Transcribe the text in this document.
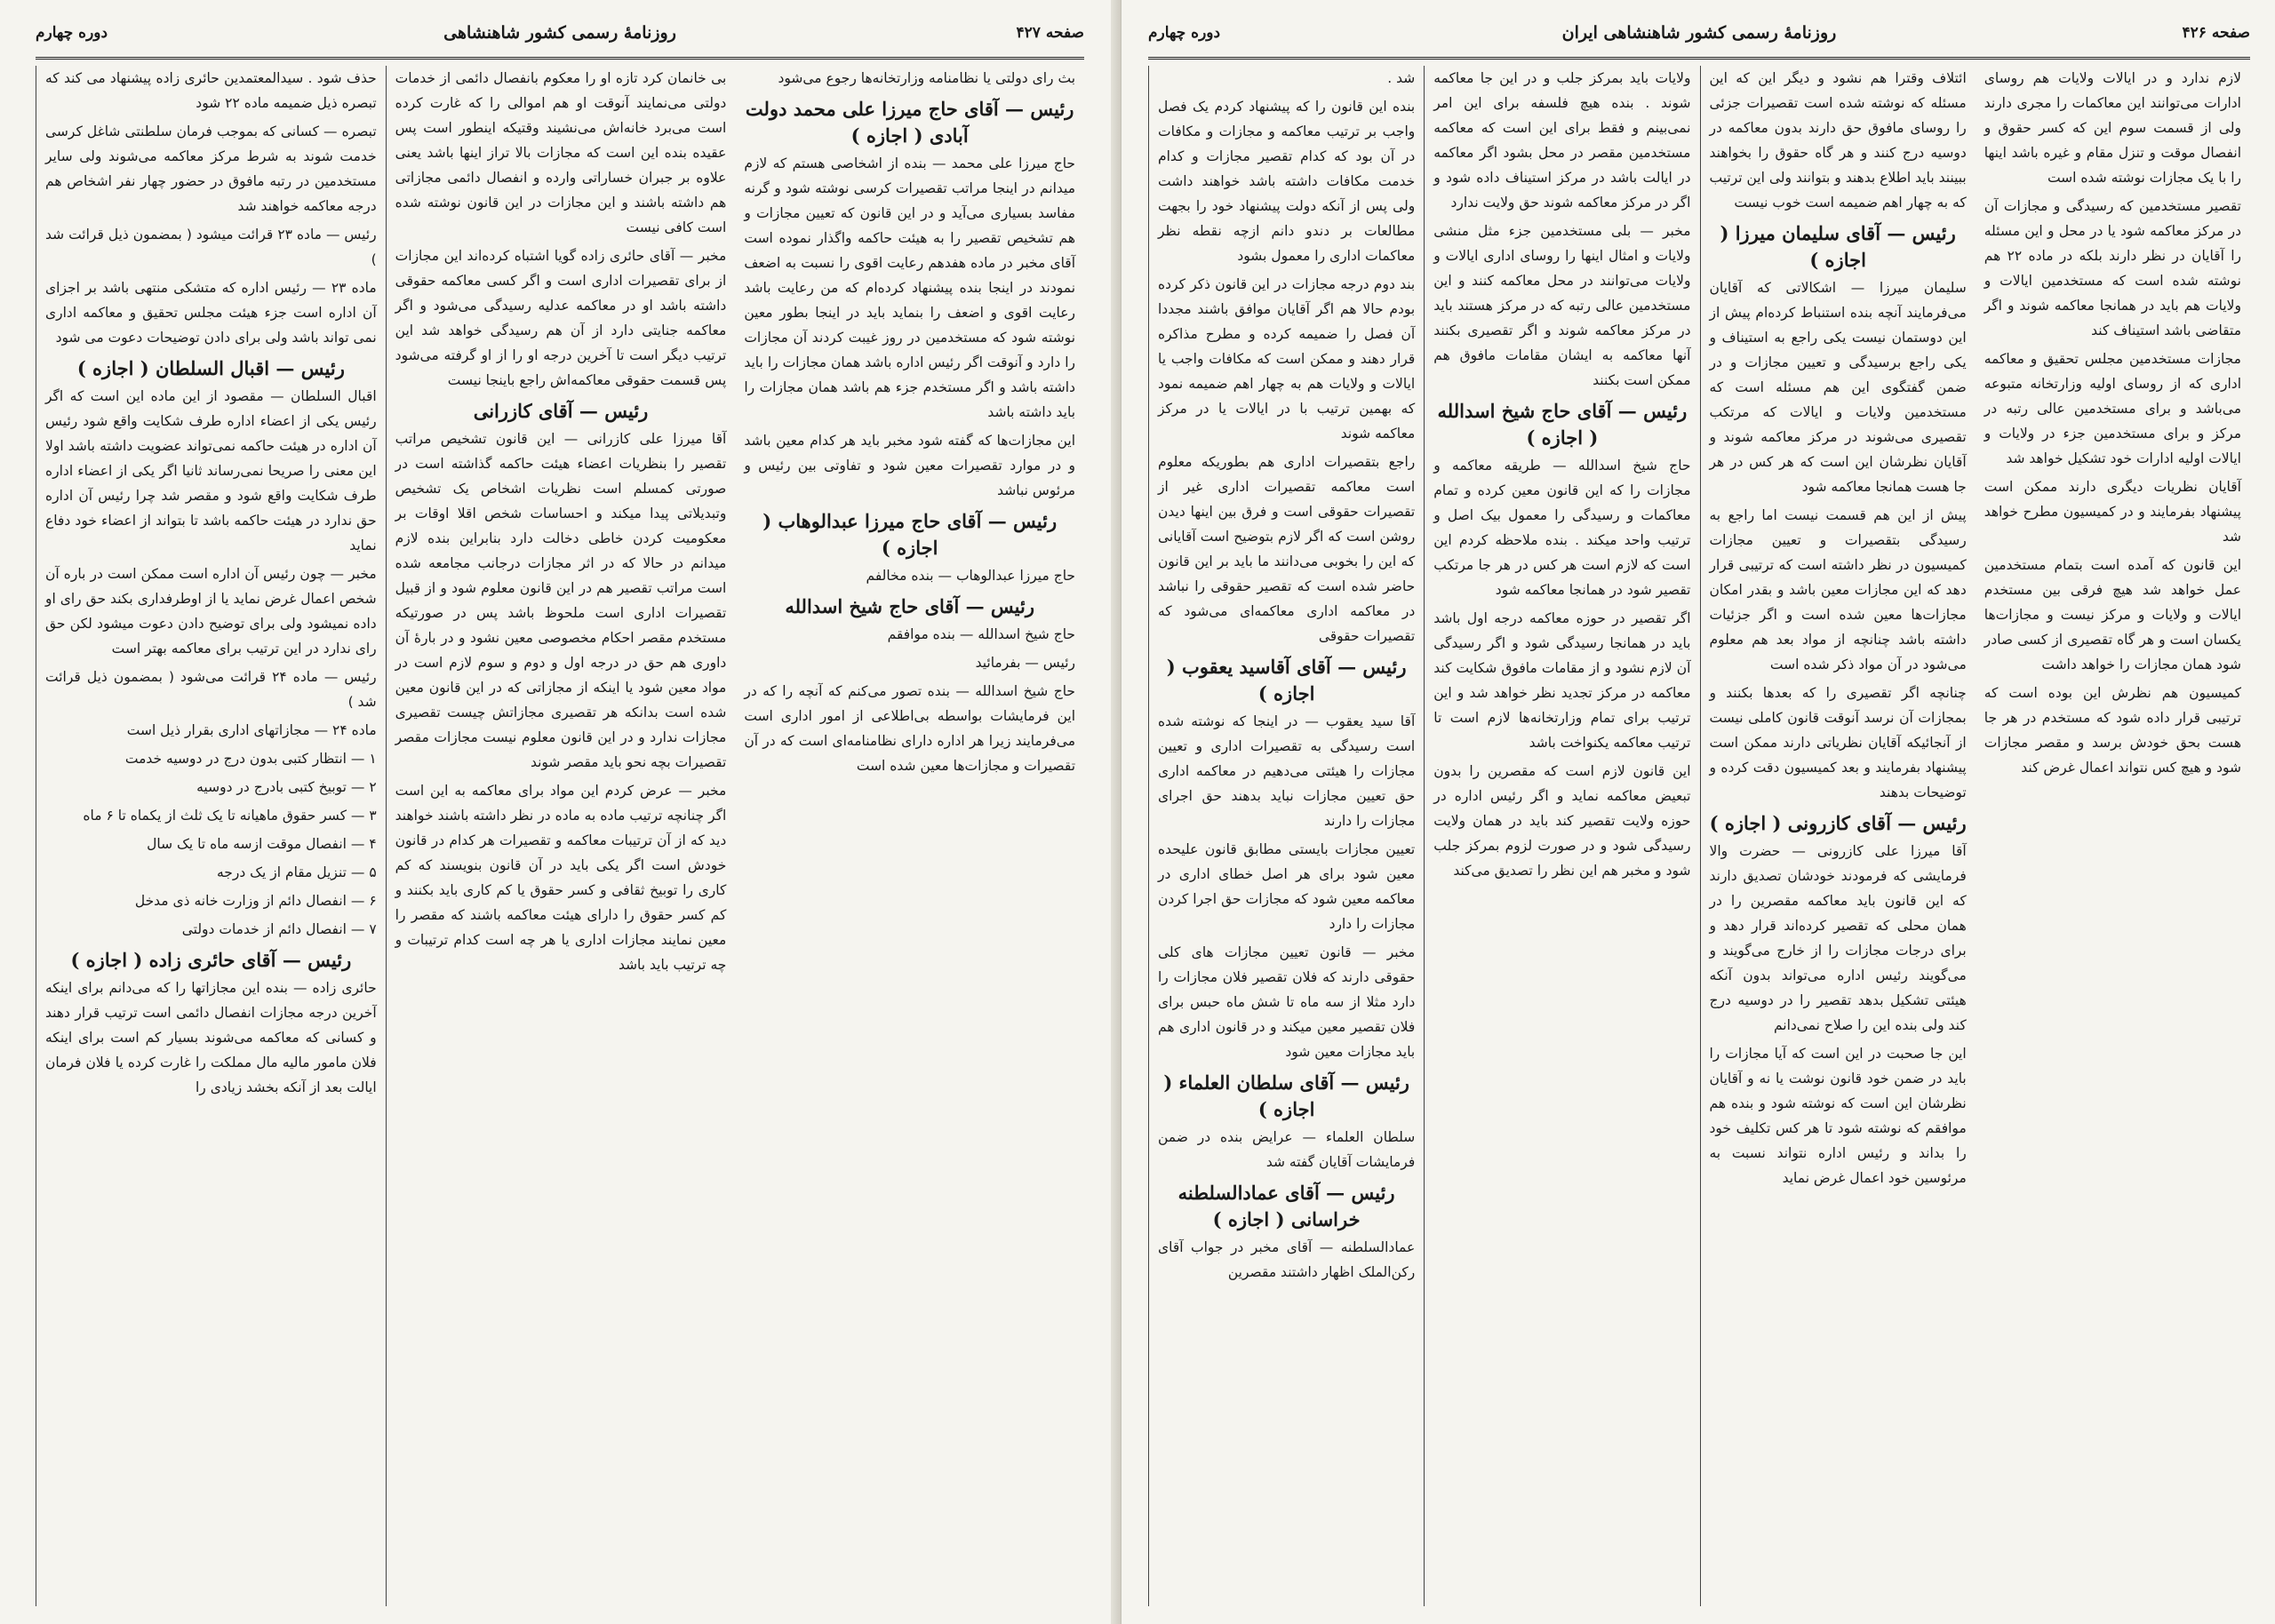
دوره چهارم	روزنامهٔ رسمی کشور شاهنشاهی	صفحه ۴۲۷

حذف شود . سیدالمعتمدین حائری زاده پیشنهاد می کند که تبصره ذیل ضمیمه ماده ۲۲ شود

تبصره — کسانی که بموجب فرمان سلطنتی شاغل کرسی خدمت شوند به شرط مرکز معاکمه می‌شوند ولی سایر مستخدمین در رتبه مافوق در حضور چهار نفر اشخاص هم درجه معاکمه خواهند شد

رئیس — ماده ۲۳ قرائت میشود ( بمضمون ذیل قرائت شد )

ماده ۲۳ — رئیس اداره که متشکی منتهی باشد بر اجزای آن اداره است جزء هیئت مجلس تحقیق و معاکمه اداری نمی تواند باشد ولی برای دادن توضیحات دعوت می شود

رئیس — اقبال السلطان ( اجازه )

اقبال السلطان — مقصود از این ماده این است که اگر رئیس یکی از اعضاء اداره طرف شکایت واقع شود رئیس آن اداره در هیئت حاکمه نمی‌تواند عضویت داشته باشد اولا این معنی را صریحا نمی‌رساند ثانیا اگر یکی از اعضاء اداره طرف شکایت واقع شود و مقصر شد چرا رئیس آن اداره حق ندارد در هیئت حاکمه باشد تا بتواند از اعضاء خود دفاع نماید

مخبر — چون رئیس آن اداره است ممکن است در باره آن شخص اعمال غرض نماید یا از اوطرفداری بکند حق رای او داده نمیشود ولی برای توضیح دادن دعوت میشود لکن حق رای ندارد در این ترتیب برای معاکمه بهتر است

رئیس — ماده ۲۴ قرائت می‌شود ( بمضمون ذیل قرائت شد )

ماده ۲۴ — مجازاتهای اداری بقرار ذیل است

۱ — انتظار کتبی بدون درج در دوسیه خدمت

۲ — توبیخ کتبی بادرج در دوسیه

۳ — کسر حقوق ماهیانه تا یک ثلث از یکماه تا ۶ ماه

۴ — انفصال موقت ازسه ماه تا یک سال

۵ — تنزیل مقام از یک درجه

۶ — انفصال دائم از وزارت خانه ذی مدخل

۷ — انفصال دائم از خدمات دولتی

رئیس — آقای حائری زاده ( اجازه )

حائری زاده — بنده این مجازاتها را که می‌دانم برای اینکه آخرین درجه مجازات انفصال دائمی است ترتیب قرار دهند و کسانی که معاکمه می‌شوند بسیار کم است برای اینکه فلان مامور مالیه مال مملکت را غارت کرده یا فلان فرمان ایالت بعد از آنکه بخشد زیادی را

بی خانمان کرد تازه او را معکوم بانفصال دائمی از خدمات دولتی می‌نمایند آنوقت او هم اموالی را که غارت کرده است می‌برد خانه‌اش می‌نشیند وقتیکه اینطور است پس عقیده بنده این است که مجازات بالا تراز اینها باشد یعنی علاوه بر جبران خساراتی وارده و انفصال دائمی مجازاتی هم داشته باشند و این مجازات در این قانون نوشته شده است کافی نیست

مخبر — آقای حائری زاده گویا اشتباه کرده‌اند این مجازات از برای تقصیرات اداری است و اگر کسی معاکمه حقوقی داشته باشد او در معاکمه عدلیه رسیدگی می‌شود و اگر معاکمه جنایتی دارد از آن هم رسیدگی خواهد شد این ترتیب دیگر است تا آخرین درجه او را از او گرفته می‌شود پس قسمت حقوقی معاکمه‌اش راجع باینجا نیست

رئیس — آقای کازرانی

آقا میرزا علی کازرانی — این قانون تشخیص مراتب تقصیر را بنظریات اعضاء هیئت حاکمه گذاشته است در صورتی کمسلم است نظریات اشخاص یک تشخیص وتبدیلاتی پیدا میکند و احساسات شخص اقلا اوقات بر معکومیت کردن خاطی دخالت دارد بنابراین بنده لازم میدانم در حالا که در اثر مجازات درجانب مجامعه شده است مراتب تقصیر هم در این قانون معلوم شود و از قبیل تقصیرات اداری است ملحوظ باشد پس در صورتیکه مستخدم مقصر احکام مخصوصی معین نشود و در بارهٔ آن داوری هم حق در درجه اول و دوم و سوم لازم است در مواد معین شود یا اینکه از مجازاتی که در این قانون معین شده است بدانکه هر تقصیری مجازاتش چیست تقصیری مجازات ندارد و در این قانون معلوم نیست مجازات مقصر تقصیرات بچه نحو باید مقصر شوند

مخبر — عرض کردم این مواد برای معاکمه به این است اگر چنانچه ترتیب ماده به ماده در نظر داشته باشند خواهند دید که از آن ترتیبات معاکمه و تقصیرات هر کدام در قانون خودش است اگر یکی باید در آن قانون بنویسند که کم کاری را توبیخ ثقافی و کسر حقوق یا کم کاری باید بکنند و کم کسر حقوق را دارای هیئت معاکمه باشند که مقصر را معین نمایند مجازات اداری یا هر چه است کدام ترتیبات و چه ترتیب باید باشد

بث رای دولتی یا نظامنامه وزارتخانه‌ها رجوع می‌شود

رئیس — آقای حاج میرزا علی محمد دولت آبادی ( اجازه )

حاج میرزا علی محمد — بنده از اشخاصی هستم که لازم میدانم در اینجا مراتب تقصیرات کرسی نوشته شود و گرنه مفاسد بسیاری می‌آید و در این قانون که تعیین مجازات و هم تشخیص تقصیر را به هیئت حاکمه واگذار نموده است آقای مخبر در ماده هفدهم رعایت اقوی را نسبت به اضعف نمودند در اینجا بنده پیشنهاد کرده‌ام که من رعایت باشد رعایت اقوی و اضعف را بنماید باید در اینجا بطور معین نوشته شود که مستخدمین در روز غیبت کردند آن مجازات را دارد و آنوقت اگر رئیس اداره باشد همان مجازات را باید داشته باشد و اگر مستخدم جزء هم باشد همان مجازات را باید داشته باشد

این مجازات‌ها که گفته شود مخبر باید هر کدام معین باشد و در موارد تقصیرات معین شود و تفاوتی بین رئیس و مرئوس نباشد

رئیس — آقای حاج میرزا عبدالوهاب ( اجازه )

حاج میرزا عبدالوهاب — بنده مخالفم

رئیس — آقای حاج شیخ اسدالله

حاج شیخ اسدالله — بنده موافقم

رئیس — بفرمائید

حاج شیخ اسدالله — بنده تصور می‌کنم که آنچه را که در این فرمایشات بواسطه بی‌اطلاعی از امور اداری است می‌فرمایند زیرا هر اداره دارای نظامنامه‌ای است که در آن تقصیرات و مجازات‌ها معین شده است

دوره چهارم	روزنامهٔ رسمی کشور شاهنشاهی ایران	صفحه ۴۲۶

شد .

بنده این قانون را که پیشنهاد کردم یک فصل واجب بر ترتیب معاکمه و مجازات و مکافات در آن بود که کدام تقصیر مجازات و کدام خدمت مکافات داشته باشد خواهند داشت ولی پس از آنکه دولت پیشنهاد خود را بجهت مطالعات بر دندو دانم ازچه نقطه نظر معاکمات اداری را معمول بشود

بند دوم درجه مجازات در این قانون ذکر کرده بودم حالا هم اگر آقایان موافق باشند مجددا آن فصل را ضمیمه کرده و مطرح مذاکره قرار دهند و ممکن است که مکافات واجب یا ایالات و ولایات هم به چهار اهم ضمیمه نمود که بهمین ترتیب با در ایالات یا در مرکز معاکمه شوند

راجع بتقصیرات اداری هم بطوریکه معلوم است معاکمه تقصیرات اداری غیر از تقصیرات حقوقی است و فرق بین اینها دیدن روشن است که اگر لازم بتوضیح است آقایانی که این را بخوبی می‌دانند ما باید بر این قانون حاضر شده است که تقصیر حقوقی را نباشد در معاکمه اداری معاکمه‌ای می‌شود که تقصیرات حقوقی

رئیس — آقای آقاسید یعقوب ( اجازه )

آقا سید یعقوب — در اینجا که نوشته شده است رسیدگی به تقصیرات اداری و تعیین مجازات را هیئتی می‌دهیم در معاکمه اداری حق تعیین مجازات نباید بدهند حق اجرای مجازات را دارند

تعیین مجازات بایستی مطابق قانون علیحده معین شود برای هر اصل خطای اداری در معاکمه معین شود که مجازات حق اجرا کردن مجازات را دارد

مخبر — قانون تعیین مجازات های کلی حقوقی دارند که فلان تقصیر فلان مجازات را دارد مثلا از سه ماه تا شش ماه حبس برای فلان تقصیر معین میکند و در قانون اداری هم باید مجازات معین شود

رئیس — آقای سلطان العلماء ( اجازه )

سلطان العلماء — عرایض بنده در ضمن فرمایشات آقایان گفته شد

رئیس — آقای عمادالسلطنه خراسانی ( اجازه )

عمادالسلطنه — آقای مخبر در جواب آقای رکن‌الملک اظهار داشتند مقصرین

ولایات باید بمرکز جلب و در این جا معاکمه شوند . بنده هیچ فلسفه برای این امر نمی‌بینم و فقط برای این است که معاکمه مستخدمین مقصر در محل بشود اگر معاکمه در ایالت باشد در مرکز استیناف داده شود و اگر در مرکز معاکمه شوند حق ولایت ندارد

مخبر — بلی مستخدمین جزء مثل منشی ولایات و امثال اینها را روسای اداری ایالات و ولایات می‌توانند در محل معاکمه کنند و این مستخدمین عالی رتبه که در مرکز هستند باید در مرکز معاکمه شوند و اگر تقصیری بکنند آنها معاکمه به ایشان مقامات مافوق هم ممکن است بکنند

رئیس — آقای حاج شیخ اسدالله ( اجازه )

حاج شیخ اسدالله — طریقه معاکمه و مجازات را که این قانون معین کرده و تمام معاکمات و رسیدگی را معمول بیک اصل و ترتیب واحد میکند . بنده ملاحظه کردم این است که لازم است هر کس در هر جا مرتکب تقصیر شود در همانجا معاکمه شود

اگر تقصیر در حوزه معاکمه درجه اول باشد باید در همانجا رسیدگی شود و اگر رسیدگی آن لازم نشود و از مقامات مافوق شکایت کند معاکمه در مرکز تجدید نظر خواهد شد و این ترتیب برای تمام وزارتخانه‌ها لازم است تا ترتیب معاکمه یکنواخت باشد

این قانون لازم است که مقصرین را بدون تبعیض معاکمه نماید و اگر رئیس اداره در حوزه ولایت تقصیر کند باید در همان ولایت رسیدگی شود و در صورت لزوم بمرکز جلب شود و مخبر هم این نظر را تصدیق می‌کند

ائتلاف وقترا هم نشود و دیگر این که این مسئله که نوشته شده است تقصیرات جزئی را روسای مافوق حق دارند بدون معاکمه در دوسیه درج کنند و هر گاه حقوق را بخواهند ببینند باید اطلاع بدهند و بتوانند ولی این ترتیب که به چهار اهم ضمیمه است خوب نیست

رئیس — آقای سلیمان میرزا ( اجازه )

سلیمان میرزا — اشکالاتی که آقایان می‌فرمایند آنچه بنده استنباط کرده‌ام پیش از این دوستمان نیست یکی راجع به استیناف و یکی راجع برسیدگی و تعیین مجازات و در ضمن گفتگوی این هم مسئله است که مستخدمین ولایات و ایالات که مرتکب تقصیری می‌شوند در مرکز معاکمه شوند و آقایان نظرشان این است که هر کس در هر جا هست همانجا معاکمه شود

پیش از این هم قسمت نیست اما راجع به رسیدگی بتقصیرات و تعیین مجازات کمیسیون در نظر داشته است که ترتیبی قرار دهد که این مجازات معین باشد و بقدر امکان مجازات‌ها معین شده است و اگر جزئیات داشته باشد چنانچه از مواد بعد هم معلوم می‌شود در آن مواد ذکر شده است

چنانچه اگر تقصیری را که بعدها بکنند و بمجازات آن نرسد آنوقت قانون کاملی نیست از آنجائیکه آقایان نظریاتی دارند ممکن است پیشنهاد بفرمایند و بعد کمیسیون دقت کرده و توضیحات بدهند

رئیس — آقای کازرونی ( اجازه )

آقا میرزا علی کازرونی — حضرت والا فرمایشی که فرمودند خودشان تصدیق دارند که این قانون باید معاکمه مقصرین را در همان محلی که تقصیر کرده‌اند قرار دهد و برای درجات مجازات را از خارج می‌گویند و می‌گویند رئیس اداره می‌تواند بدون آنکه هیئتی تشکیل بدهد تقصیر را در دوسیه درج کند ولی بنده این را صلاح نمی‌دانم

این جا صحبت در این است که آیا مجازات را باید در ضمن خود قانون نوشت یا نه و آقایان نظرشان این است که نوشته شود و بنده هم موافقم که نوشته شود تا هر کس تکلیف خود را بداند و رئیس اداره نتواند نسبت به مرئوسین خود اعمال غرض نماید

لازم ندارد و در ایالات ولایات هم روسای ادارات می‌توانند این معاکمات را مجری دارند ولی از قسمت سوم این که کسر حقوق و انفصال موقت و تنزل مقام و غیره باشد اینها را با یک مجازات نوشته شده است

تقصیر مستخدمین که رسیدگی و مجازات آن در مرکز معاکمه شود یا در محل و این مسئله را آقایان در نظر دارند بلکه در ماده ۲۲ هم نوشته شده است که مستخدمین ایالات و ولایات هم باید در همانجا معاکمه شوند و اگر متقاضی باشد استیناف کند

مجازات مستخدمین مجلس تحقیق و معاکمه اداری که از روسای اولیه وزارتخانه متبوعه می‌باشد و برای مستخدمین عالی رتبه در مرکز و برای مستخدمین جزء در ولایات و ایالات اولیه ادارات خود تشکیل خواهد شد

آقایان نظریات دیگری دارند ممکن است پیشنهاد بفرمایند و در کمیسیون مطرح خواهد شد

این قانون که آمده است بتمام مستخدمین عمل خواهد شد هیچ فرقی بین مستخدم ایالات و ولایات و مرکز نیست و مجازات‌ها یکسان است و هر گاه تقصیری از کسی صادر شود همان مجازات را خواهد داشت

کمیسیون هم نظرش این بوده است که ترتیبی قرار داده شود که مستخدم در هر جا هست بحق خودش برسد و مقصر مجازات شود و هیچ کس نتواند اعمال غرض کند
